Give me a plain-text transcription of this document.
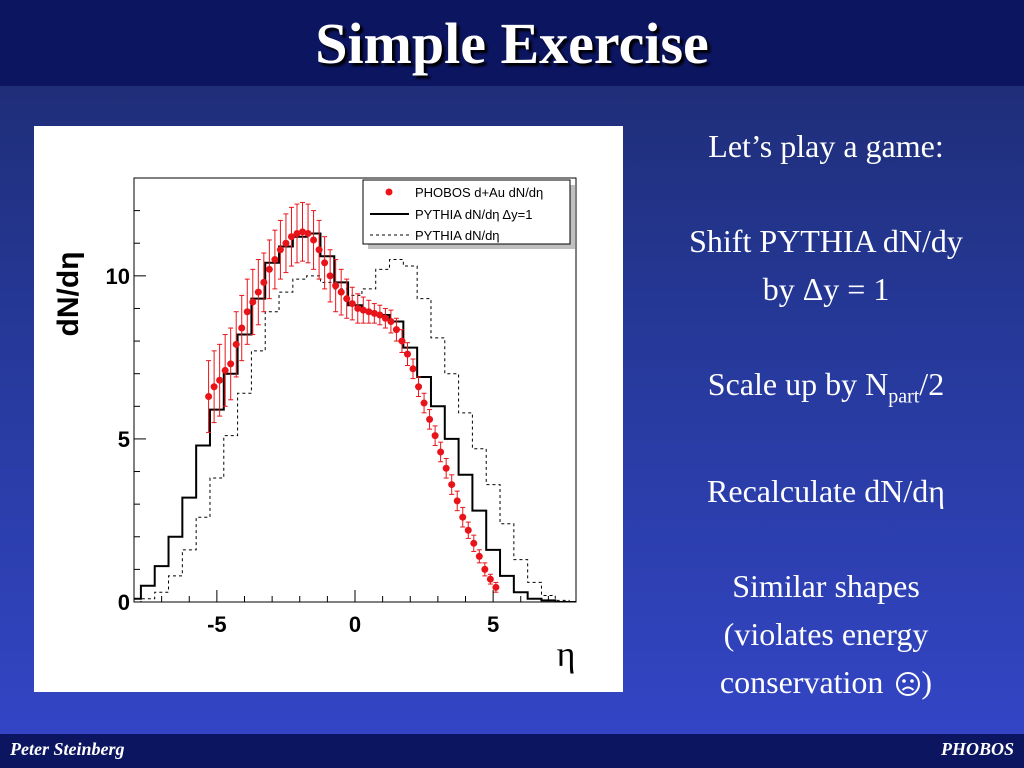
Simple Exercise
-5	0	5
0
5
10
dN/dη
η
PHOBOS d+Au dN/dη
PYTHIA dN/dη Δy=1
PYTHIA dN/dη

Let’s play a game:

Shift PYTHIA dN/dy
by Δy = 1

Scale up by $N_{part}/2$

Recalculate dN/dη

Similar shapes
(violates energy
conservation )

Peter Steinberg	PHOBOS
